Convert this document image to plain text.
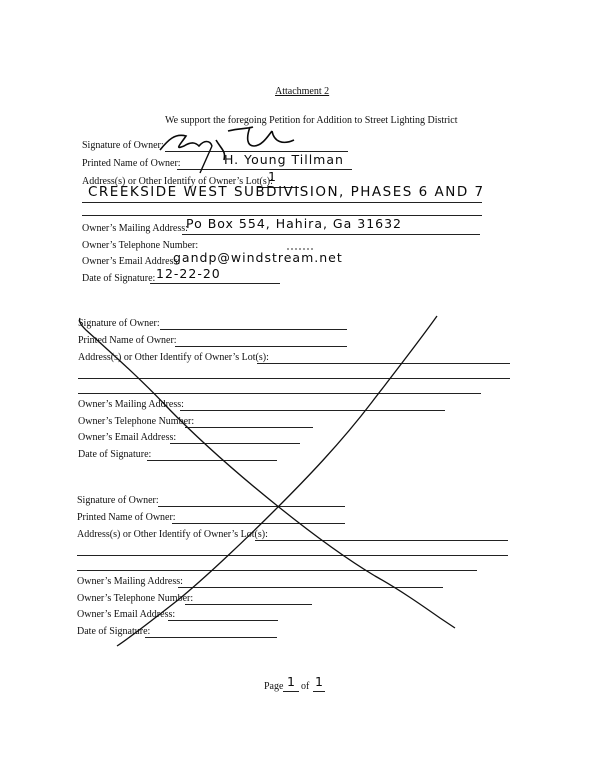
Attachment 2
We support the foregoing Petition for Addition to Street Lighting District
Signature of Owner:
Printed Name of Owner:	H. Young Tillman
Address(s) or Other Identify of Owner’s Lot(s):
1
CREEKSIDE WEST SUBDIVISION, PHASES 6 AND 7
Owner’s Mailing Address:
Po Box 554, Hahira, Ga 31632
Owner’s Telephone Number:
Owner’s Email Address:
gandp@windstream.net
Date of Signature: 12-22-20
Signature of Owner:
Printed Name of Owner:
Address(s) or Other Identify of Owner’s Lot(s):
Owner’s Mailing Address:
Owner’s Telephone Number:
Owner’s Email Address:
Date of Signature:
Signature of Owner:
Printed Name of Owner:
Address(s) or Other Identify of Owner’s Lot(s):
Owner’s Mailing Address:
Owner’s Telephone Number:
Owner’s Email Address:
Date of Signature:
Page 1 of 1
